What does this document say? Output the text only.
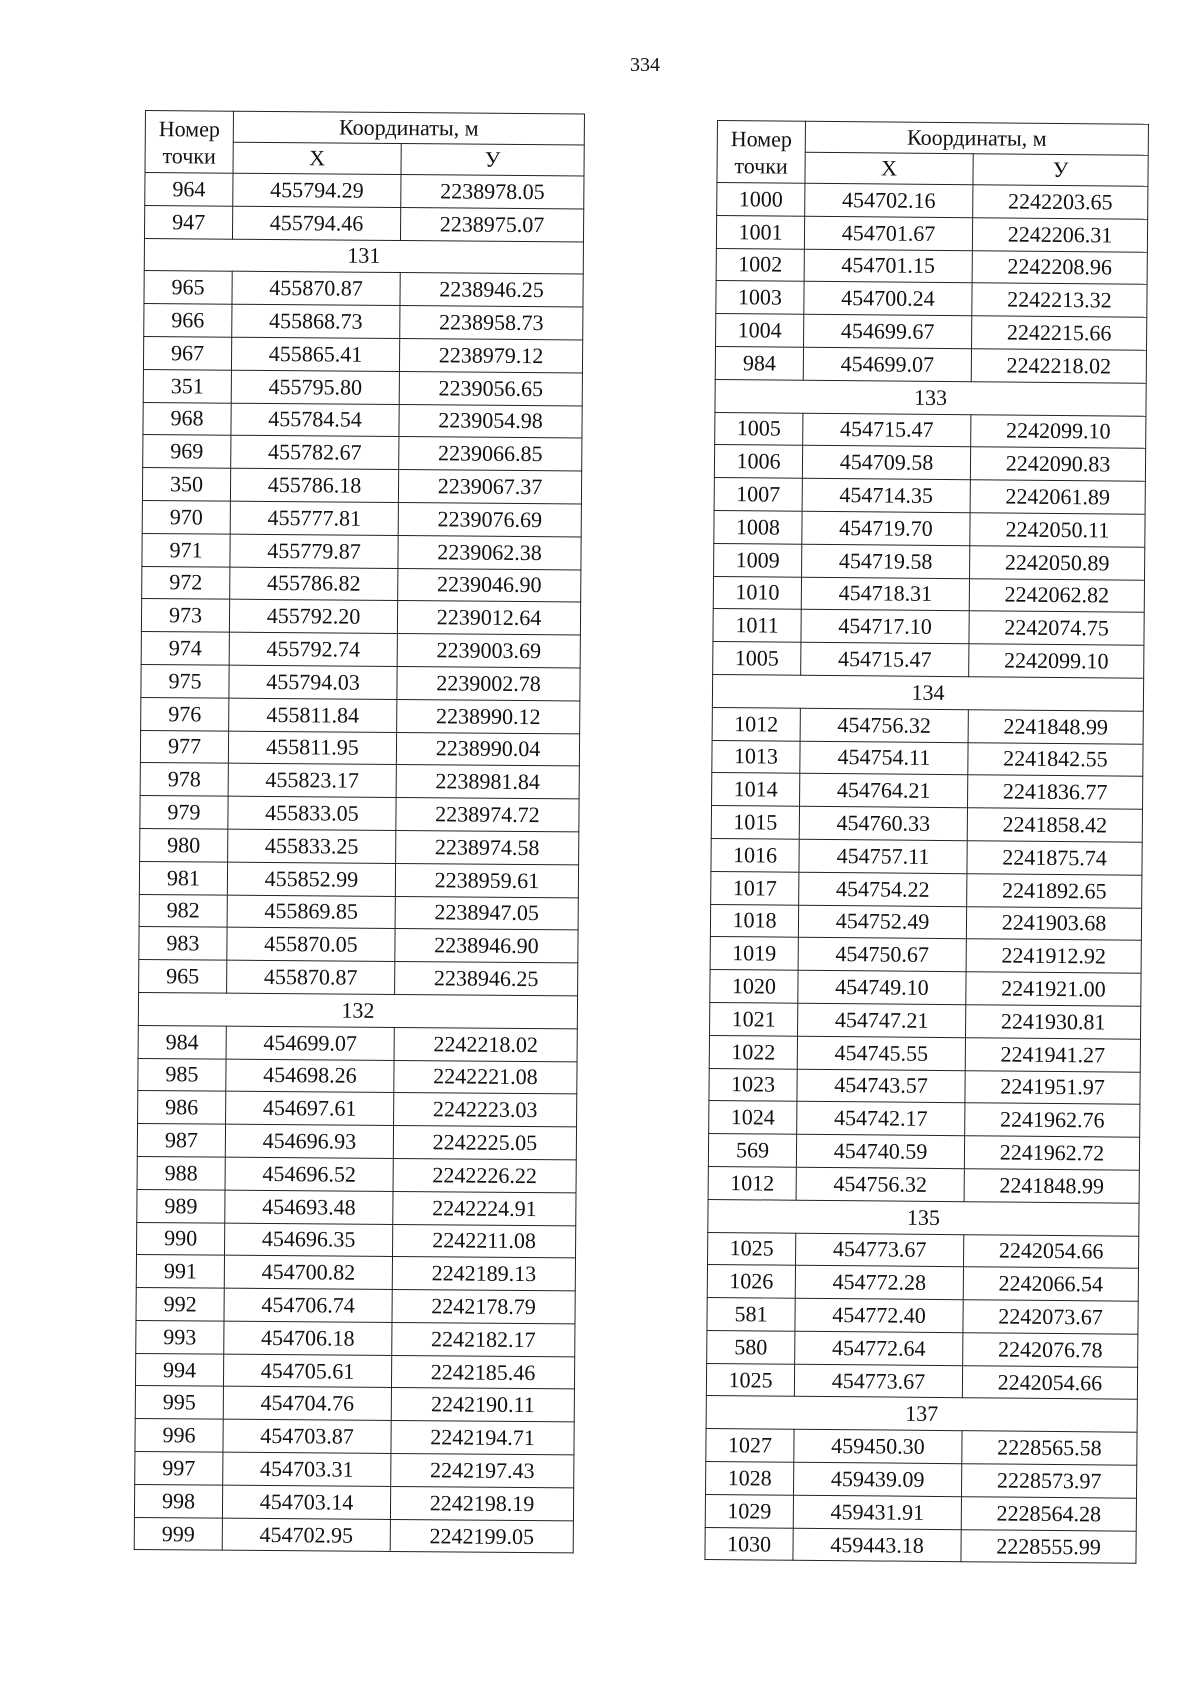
334
Номер
точки	Координаты, м	
	X	У
964	455794.29	2238978.05
947	455794.46	2238975.07
131		
965	455870.87	2238946.25
966	455868.73	2238958.73
967	455865.41	2238979.12
351	455795.80	2239056.65
968	455784.54	2239054.98
969	455782.67	2239066.85
350	455786.18	2239067.37
970	455777.81	2239076.69
971	455779.87	2239062.38
972	455786.82	2239046.90
973	455792.20	2239012.64
974	455792.74	2239003.69
975	455794.03	2239002.78
976	455811.84	2238990.12
977	455811.95	2238990.04
978	455823.17	2238981.84
979	455833.05	2238974.72
980	455833.25	2238974.58
981	455852.99	2238959.61
982	455869.85	2238947.05
983	455870.05	2238946.90
965	455870.87	2238946.25
132		
984	454699.07	2242218.02
985	454698.26	2242221.08
986	454697.61	2242223.03
987	454696.93	2242225.05
988	454696.52	2242226.22
989	454693.48	2242224.91
990	454696.35	2242211.08
991	454700.82	2242189.13
992	454706.74	2242178.79
993	454706.18	2242182.17
994	454705.61	2242185.46
995	454704.76	2242190.11
996	454703.87	2242194.71
997	454703.31	2242197.43
998	454703.14	2242198.19
999	454702.95	2242199.05
Номер
точки	Координаты, м	
	X	У
1000	454702.16	2242203.65
1001	454701.67	2242206.31
1002	454701.15	2242208.96
1003	454700.24	2242213.32
1004	454699.67	2242215.66
984	454699.07	2242218.02
133		
1005	454715.47	2242099.10
1006	454709.58	2242090.83
1007	454714.35	2242061.89
1008	454719.70	2242050.11
1009	454719.58	2242050.89
1010	454718.31	2242062.82
1011	454717.10	2242074.75
1005	454715.47	2242099.10
134		
1012	454756.32	2241848.99
1013	454754.11	2241842.55
1014	454764.21	2241836.77
1015	454760.33	2241858.42
1016	454757.11	2241875.74
1017	454754.22	2241892.65
1018	454752.49	2241903.68
1019	454750.67	2241912.92
1020	454749.10	2241921.00
1021	454747.21	2241930.81
1022	454745.55	2241941.27
1023	454743.57	2241951.97
1024	454742.17	2241962.76
569	454740.59	2241962.72
1012	454756.32	2241848.99
135		
1025	454773.67	2242054.66
1026	454772.28	2242066.54
581	454772.40	2242073.67
580	454772.64	2242076.78
1025	454773.67	2242054.66
137		
1027	459450.30	2228565.58
1028	459439.09	2228573.97
1029	459431.91	2228564.28
1030	459443.18	2228555.99
